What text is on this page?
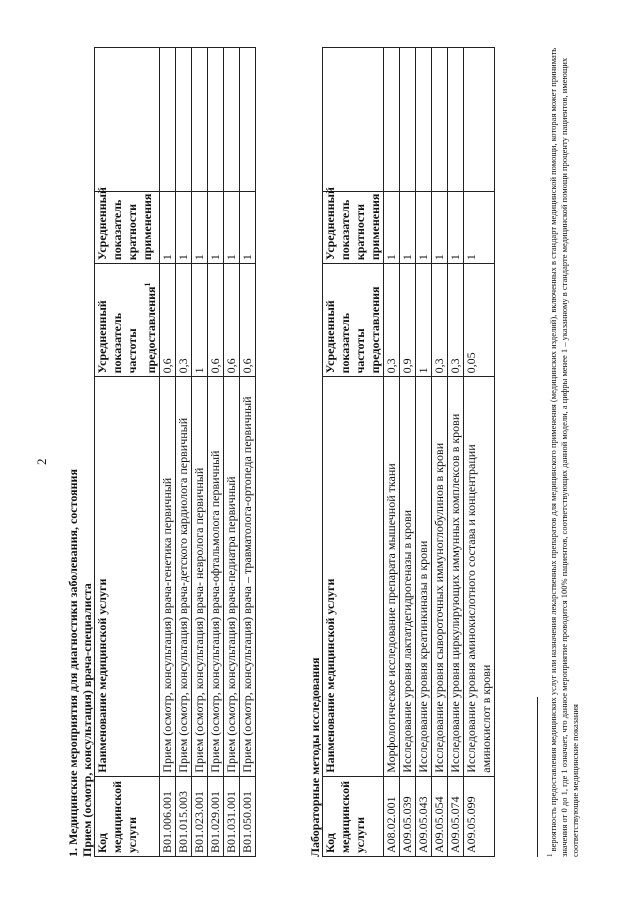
2
1. Медицинские мероприятия для диагностики заболевания, состояния Прием (осмотр, консультация) врача-специалиста Код медицинской услуги	Наименование медицинской услуги	Усредненный показатель частоты предоставления$^1$	Усредненный показатель кратности применения	
B01.006.001	Прием (осмотр, консультация) врача-генетика первичный	0,6	1	
B01.015.003	Прием (осмотр, консультация) врача-детского кардиолога первичный	0,3	1	
B01.023.001	Прием (осмотр, консультация) врача- невролога первичный	1	1	
B01.029.001	Прием (осмотр, консультация) врача-офтальмолога первичный	0,6	1	
B01.031.001	Прием (осмотр, консультация) врача-педиатра первичный	0,6	1	
B01.050.001	Прием (осмотр, консультация) врача – травматолога-ортопеда первичный	0,6	1	
Лабораторные методы исследования Код медицинской услуги	Наименование медицинской услуги	Усредненный показатель частоты предоставления	Усредненный показатель кратности применения	
A08.02.001	Морфологическое исследование препарата мышечной ткани	0,3	1	
A09.05.039	Исследование уровня лактатдегидрогеназы в крови	0,9	1	
A09.05.043	Исследование уровня креатинкиназы в крови	1	1	
A09.05.054	Исследование уровня сывороточных иммуноглобулинов в крови	0,3	1	
A09.05.074	Исследование уровня циркулирующих иммунных комплексов в крови	0,3	1	
A09.05.099	Исследование уровня аминокислотного состава и концентрации аминокислот в крови	0,05	1	
$^1$ вероятность предоставления медицинских услуг или назначения лекарственных препаратов для медицинского применения (медицинских изделий), включенных в стандарт медицинской помощи, которая может принимать значения от 0 до 1, где 1 означает, что данное мероприятие проводится 100% пациентов, соответствующих данной модели, а цифры менее 1 – указанному в стандарте медицинской помощи проценту пациентов, имеющих соответствующие медицинские показания
